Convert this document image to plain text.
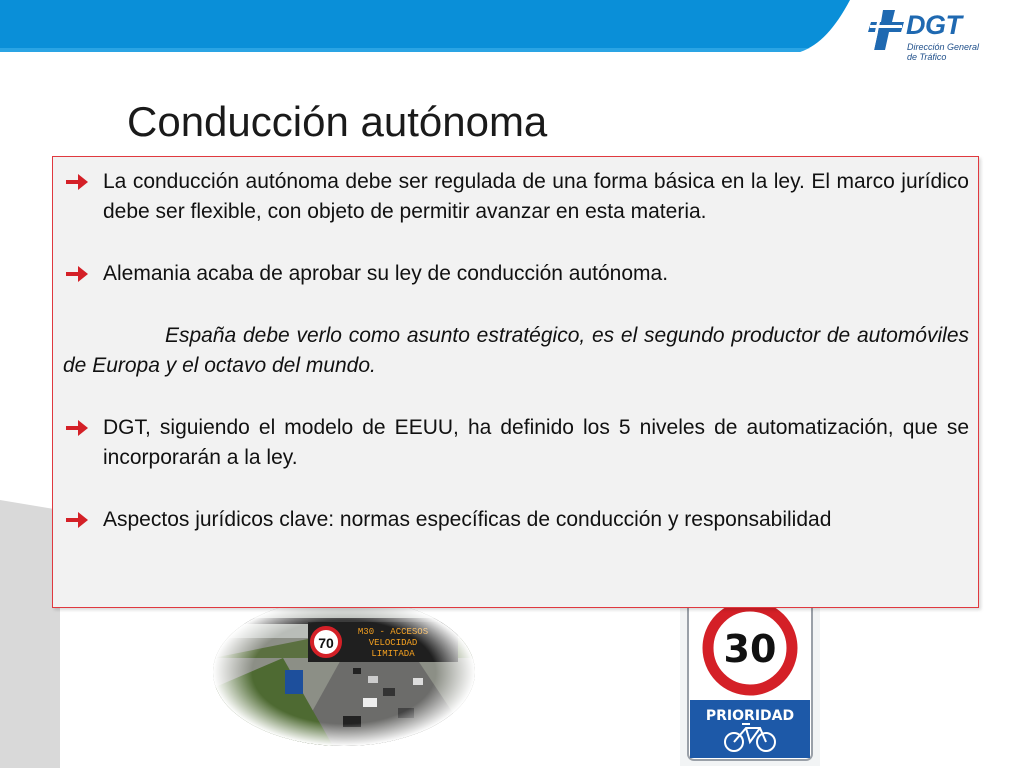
DGT
Dirección General
de Tráfico
Conducción autónoma
30
PRIORIDAD
La conducción autónoma debe ser regulada de una forma básica en la ley. El marco jurídico debe ser flexible, con objeto de permitir avanzar en esta materia.
Alemania acaba de aprobar su ley de conducción autónoma.
España debe verlo como asunto estratégico, es el segundo productor de automóviles de Europa y el octavo del mundo.
DGT, siguiendo el modelo de EEUU, ha definido los 5 niveles de automatización, que se incorporarán a la ley.
Aspectos jurídicos clave: normas específicas de conducción y responsabilidad
